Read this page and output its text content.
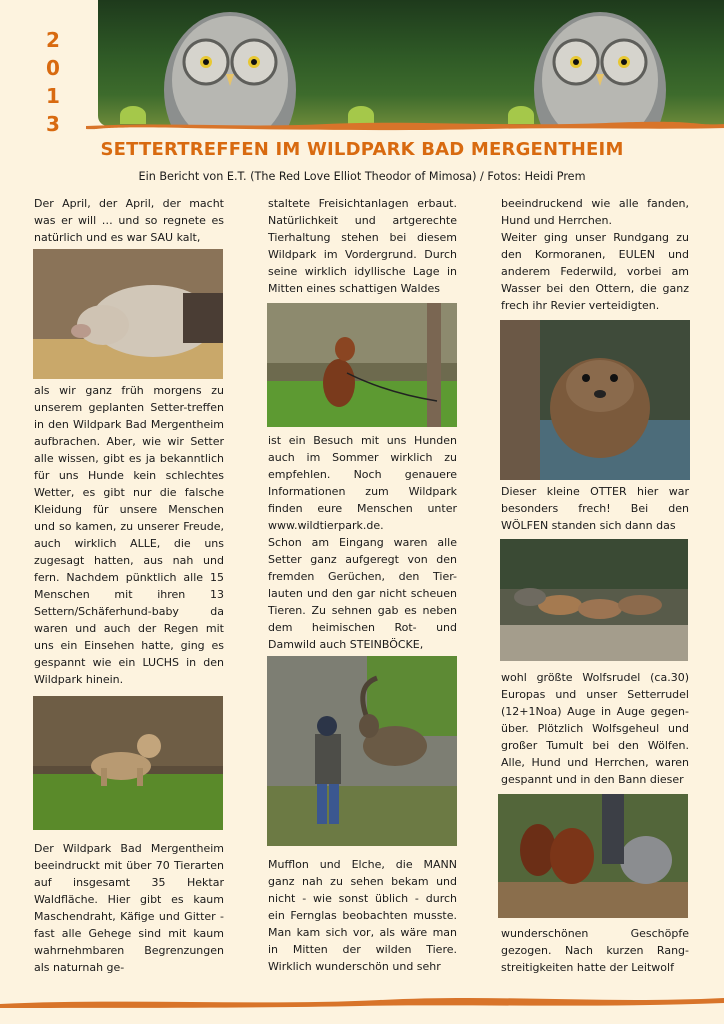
2
0
1
3
SETTERTREFFEN IM WILDPARK BAD MERGENTHEIM
Ein Bericht von E.T. (The Red Love Elliot Theodor of Mimosa) / Fotos: Heidi Prem

Der April, der April, der macht was er will … und so regnete es natürlich und es war SAU kalt,

als wir ganz früh morgens zu unserem geplanten Setter-treffen in den Wildpark Bad Mergentheim aufbrachen. Aber, wie wir Setter alle wissen, gibt es ja bekanntlich für uns Hunde kein schlechtes Wetter, es gibt nur die falsche Kleidung für unsere Menschen und so kamen, zu unserer Freude, auch wirklich ALLE, die uns zugesagt hatten, aus nah und fern. Nachdem pünktlich alle 15 Menschen mit ihren 13 Settern/Schäferhund-baby da waren und auch der Regen mit uns ein Einsehen hatte, ging es gespannt wie ein LUCHS in den Wildpark hinein.

Der Wildpark Bad Mergentheim beeindruckt mit über 70 Tierarten auf insgesamt 35 Hektar Waldfläche. Hier gibt es kaum Maschendraht, Käfige und Gitter - fast alle Gehege sind mit kaum wahrnehmbaren Begrenzungen als naturnah ge-

staltete Freisichtanlagen erbaut. Natürlichkeit und artgerechte Tierhaltung stehen bei diesem Wildpark im Vordergrund. Durch seine wirklich idyllische Lage in Mitten eines schattigen Waldes

ist ein Besuch mit uns Hunden auch im Sommer wirklich zu empfehlen. Noch genauere Informationen zum Wildpark finden eure Menschen unter www.wildtierpark.de.

Schon am Eingang waren alle Setter ganz aufgeregt von den fremden Gerüchen, den Tier-lauten und den gar nicht scheuen Tieren. Zu sehnen gab es neben dem heimischen Rot- und Damwild auch STEINBÖCKE,

Mufflon und Elche, die MANN ganz nah zu sehen bekam und nicht - wie sonst üblich - durch ein Fernglas beobachten musste. Man kam sich vor, als wäre man in Mitten der wilden Tiere. Wirklich wunderschön und sehr

beeindruckend wie alle fanden, Hund und Herrchen.

Weiter ging unser Rundgang zu den Kormoranen, EULEN und anderem Federwild, vorbei am Wasser bei den Ottern, die ganz frech ihr Revier verteidigten.

Dieser kleine OTTER hier war besonders frech! Bei den WÖLFEN standen sich dann das

wohl größte Wolfsrudel (ca.30) Europas und unser Setterrudel (12+1Noa) Auge in Auge gegen-über. Plötzlich Wolfsgeheul und großer Tumult bei den Wölfen. Alle, Hund und Herrchen, waren gespannt und in den Bann dieser

wunderschönen Geschöpfe gezogen. Nach kurzen Rang-streitigkeiten hatte der Leitwolf
